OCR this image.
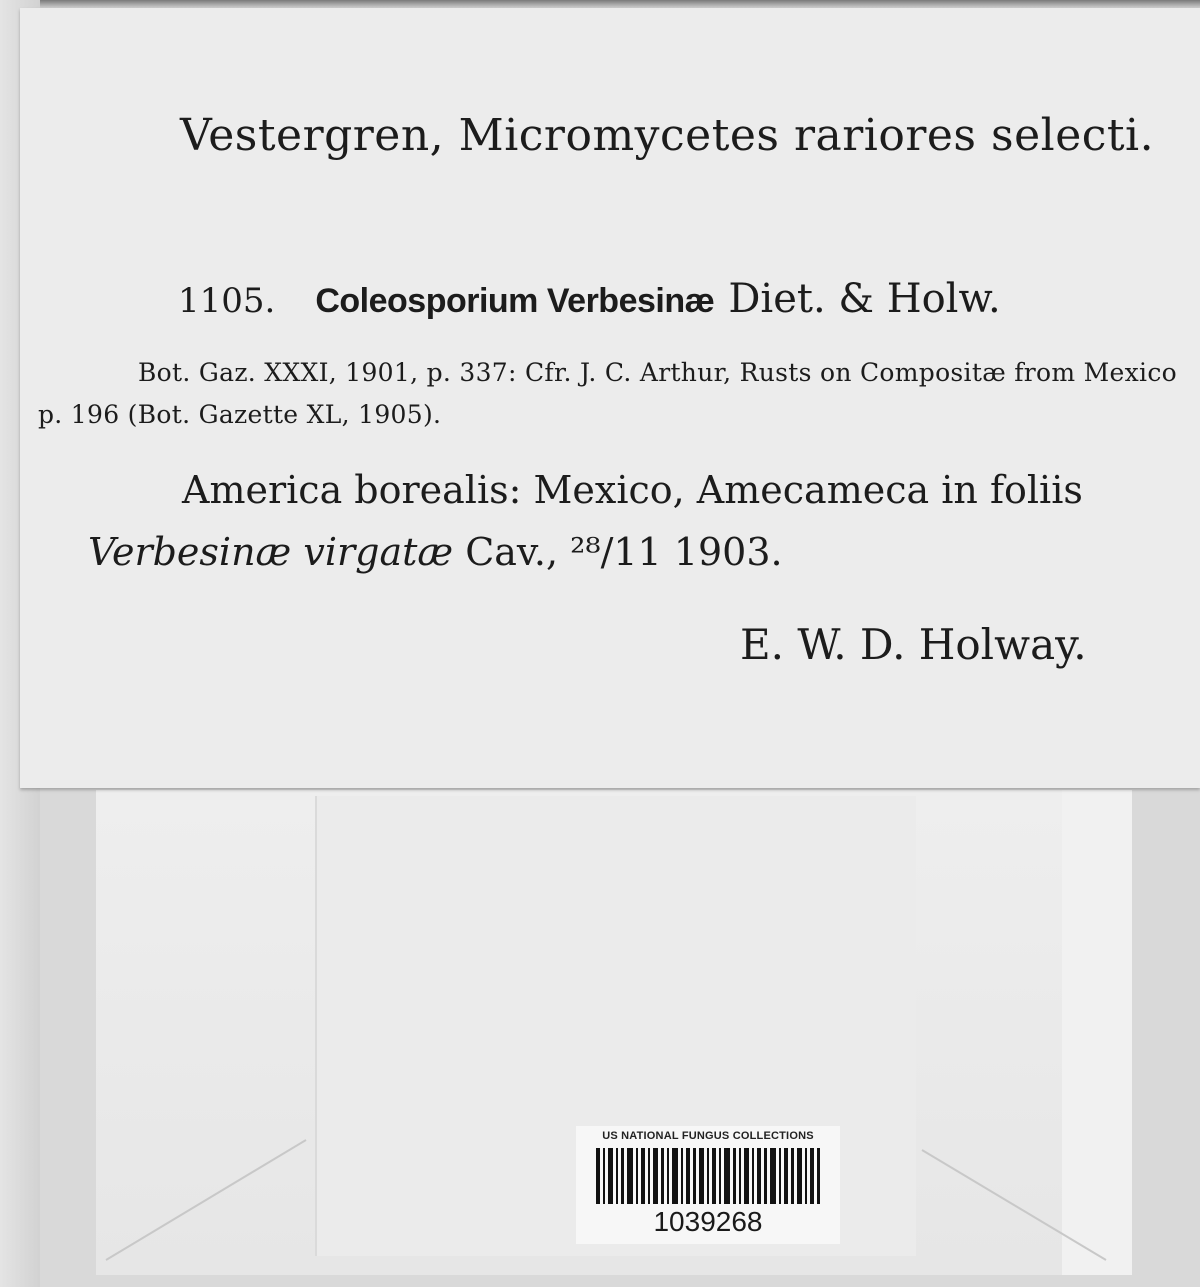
Vestergren, Micromycetes rariores selecti.
1105. Coleosporium Verbesinæ Diet. & Holw.

Bot. Gaz. XXXI, 1901, p. 337: Cfr. J. C. Arthur, Rusts on Compositæ from Mexico p. 196 (Bot. Gazette XL, 1905).

America borealis: Mexico, Amecameca in foliis

Verbesinæ virgatæ Cav., ²⁸/11 1903.

E. W. D. Holway.

US NATIONAL FUNGUS COLLECTIONS
1039268
